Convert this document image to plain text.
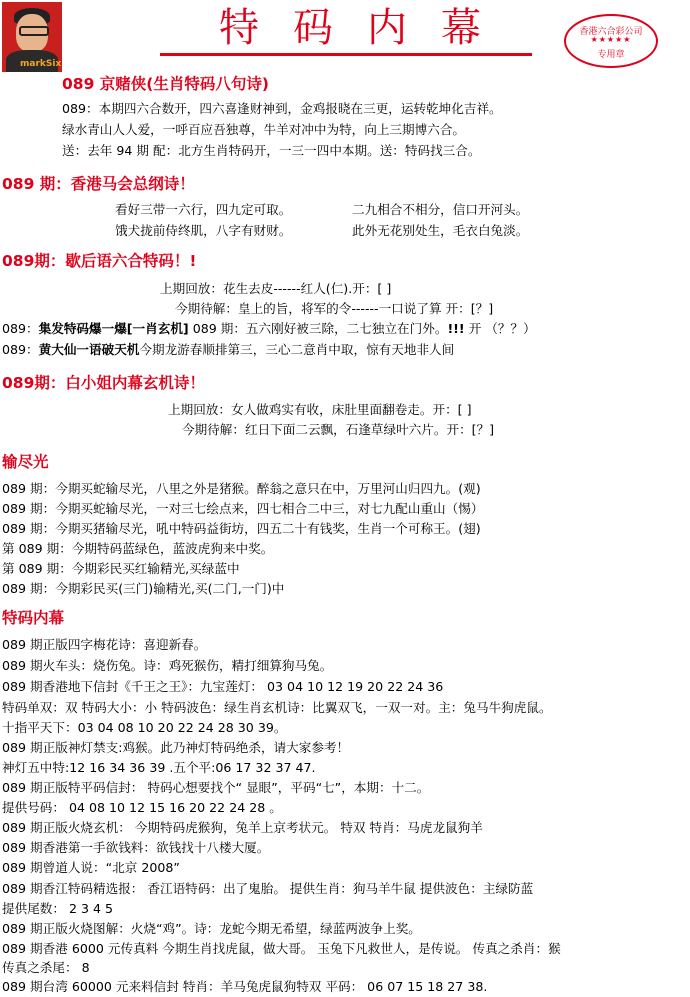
markSix
特码内幕	香港六合彩公司
★★★★★
专用章
089 京赌侠(生肖特码八句诗)
089：本期四六合数开，四六喜逢财神到，金鸡报晓在三更，运转乾坤化吉祥。
绿水青山人人爱，一呼百应吾独尊，牛羊对冲中为特，向上三期博六合。
送：去年 94 期 配：北方生肖特码开，一三一四中本期。送：特码找三合。
089 期：香港马会总纲诗！
看好三带一六行，四九定可取。	二九相合不相分，信口开河头。
饿犬拢前侍终肌，八字有财财。	此外无花别处生，毛衣白兔淡。
089期：歇后语六合特码！!
上期回放：花生去皮------红人(仁).开：[ ]
今期待解：皇上的旨，将军的令------一口说了算 开：[？]
089：集发特码爆一爆[一肖玄机] 089 期：五六刚好被三除，二七独立在门外。!!! 开 （？？）
089：黄大仙一语破天机今期龙游春顺排第三，三心二意肖中取，惊有天地非人间
089期：白小姐内幕玄机诗！
上期回放：女人做鸡实有收，床肚里面翻卷走。开：[ ]
今期待解：红日下面二云飘，石逢草绿叶六片。开：[？]
输尽光
089 期：今期买蛇输尽光，八里之外是猪猴。醉翁之意只在中，万里河山归四九。(观)
089 期：今期买蛇输尽光，一对三七绘点来，四七相合二中三，对七九配山重山（惕）
089 期：今期买猪输尽光，吼中特码益街坊，四五二十有钱奖，生肖一个可称王。(翅)
第 089 期：今期特码蓝绿色，蓝波虎狗来中奖。
第 089 期：今期彩民买红输精光,买绿蓝中
089 期：今期彩民买(三门)输精光,买(二门,一门)中
特码内幕
089 期正版四字梅花诗：喜迎新春。
089 期火车头：烧伤兔。诗：鸡死猴伤，精打细算狗马兔。
089 期香港地下信封《千王之王》：九宝莲灯： 03 04 10 12 19 20 22 24 36
特码单双：双 特码大小：小 特码波色：绿生肖玄机诗：比翼双飞，一双一对。主：兔马牛狗虎鼠。
十指平天下：03 04 08 10 20 22 24 28 30 39。
089 期正版神灯禁支:鸡猴。此乃神灯特码绝杀，请大家参考！
神灯五中特:12 16 34 36 39 .五个平:06 17 32 37 47.
089 期正版特平码信封： 特码心想要找个“ 显眼”，平码“七”，本期：十二。
提供号码： 04 08 10 12 15 16 20 22 24 28 。
089 期正版火烧玄机： 今期特码虎猴狗，兔羊上京考状元。 特双 特肖：马虎龙鼠狗羊
089 期香港第一手欲钱料：欲钱找十八楼大厦。
089 期曾道人说：“北京 2008”
089 期香江特码精选报： 香江语特码：出了鬼胎。 提供生肖：狗马羊牛鼠 提供波色：主绿防蓝
提供尾数： 2 3 4 5
089 期正版火烧图解：火烧“鸡”。诗：龙蛇今期无希望，绿蓝两波争上奖。
089 期香港 6000 元传真料 今期生肖找虎鼠，做大哥。 玉兔下凡救世人，是传说。 传真之杀肖：猴
传真之杀尾： 8
089 期台湾 60000 元来料信封 特肖：羊马兔虎鼠狗特双 平码： 06 07 15 18 27 38.
